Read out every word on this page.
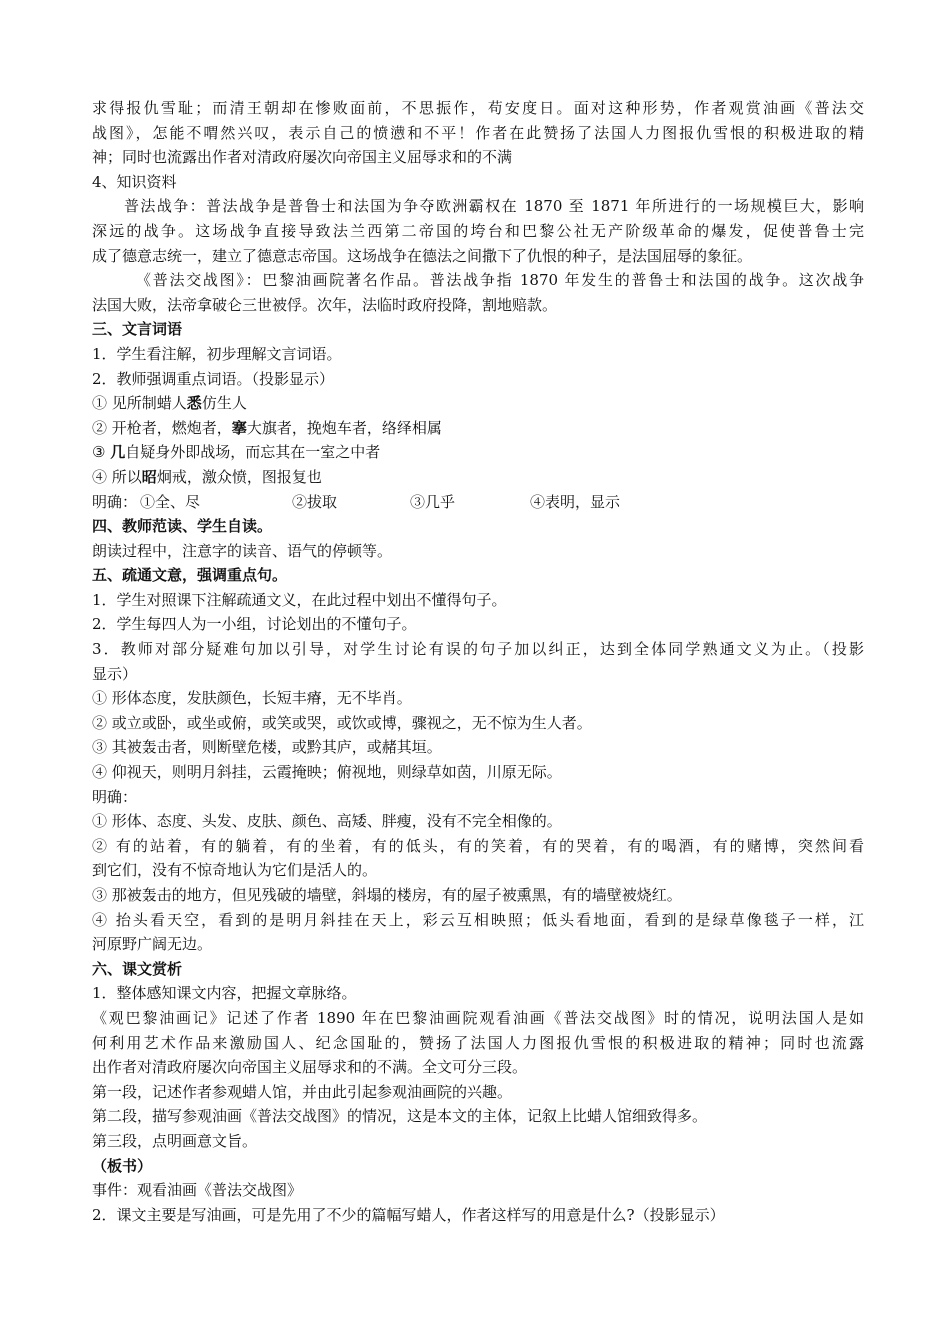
求得报仇雪耻；而清王朝却在惨败面前，不思振作，苟安度日。面对这种形势，作者观赏油画《普法交
战图》，怎能不喟然兴叹，表示自己的愤懑和不平！作者在此赞扬了法国人力图报仇雪恨的积极进取的精
神；同时也流露出作者对清政府屡次向帝国主义屈辱求和的不满
4、知识资料
普法战争：普法战争是普鲁士和法国为争夺欧洲霸权在 1870 至 1871 年所进行的一场规模巨大，影响
深远的战争。这场战争直接导致法兰西第二帝国的垮台和巴黎公社无产阶级革命的爆发，促使普鲁士完
成了德意志统一，建立了德意志帝国。这场战争在德法之间撒下了仇恨的种子，是法国屈辱的象征。
《普法交战图》：巴黎油画院著名作品。普法战争指 1870 年发生的普鲁士和法国的战争。这次战争
法国大败，法帝拿破仑三世被俘。次年，法临时政府投降，割地赔款。
三、文言词语
1．学生看注解，初步理解文言词语。
2．教师强调重点词语。（投影显示）
① 见所制蜡人悉仿生人
② 开枪者，燃炮者，搴大旗者，挽炮车者，络绎相属
③ 几自疑身外即战场，而忘其在一室之中者
④ 所以昭炯戒，激众愤，图报复也
明确： ①全、尽	②拔取	③几乎	④表明，显示
四、教师范读、学生自读。
朗读过程中，注意字的读音、语气的停顿等。
五、疏通文意，强调重点句。
1．学生对照课下注解疏通文义，在此过程中划出不懂得句子。
2．学生每四人为一小组，讨论划出的不懂句子。
3．教师对部分疑难句加以引导，对学生讨论有误的句子加以纠正，达到全体同学熟通文义为止。（投影
显示）
① 形体态度，发肤颜色，长短丰瘠，无不毕肖。
② 或立或卧，或坐或俯，或笑或哭，或饮或博，骤视之，无不惊为生人者。
③ 其被轰击者，则断壁危楼，或黔其庐，或赭其垣。
④ 仰视天，则明月斜挂，云霞掩映；俯视地，则绿草如茵，川原无际。
明确：
① 形体、态度、头发、皮肤、颜色、高矮、胖瘦，没有不完全相像的。
② 有的站着，有的躺着，有的坐着，有的低头，有的笑着，有的哭着，有的喝酒，有的赌博，突然间看
到它们，没有不惊奇地认为它们是活人的。
③ 那被轰击的地方，但见残破的墙壁，斜塌的楼房，有的屋子被熏黑，有的墙壁被烧红。
④ 抬头看天空，看到的是明月斜挂在天上，彩云互相映照；低头看地面，看到的是绿草像毯子一样，江
河原野广阔无边。
六、课文赏析
1．整体感知课文内容，把握文章脉络。
《观巴黎油画记》记述了作者 1890 年在巴黎油画院观看油画《普法交战图》时的情况，说明法国人是如
何利用艺术作品来激励国人、纪念国耻的，赞扬了法国人力图报仇雪恨的积极进取的精神；同时也流露
出作者对清政府屡次向帝国主义屈辱求和的不满。全文可分三段。
第一段，记述作者参观蜡人馆，并由此引起参观油画院的兴趣。
第二段，描写参观油画《普法交战图》的情况，这是本文的主体，记叙上比蜡人馆细致得多。
第三段，点明画意文旨。
（板书）
事件：观看油画《普法交战图》
2．课文主要是写油画，可是先用了不少的篇幅写蜡人，作者这样写的用意是什么?（投影显示）
